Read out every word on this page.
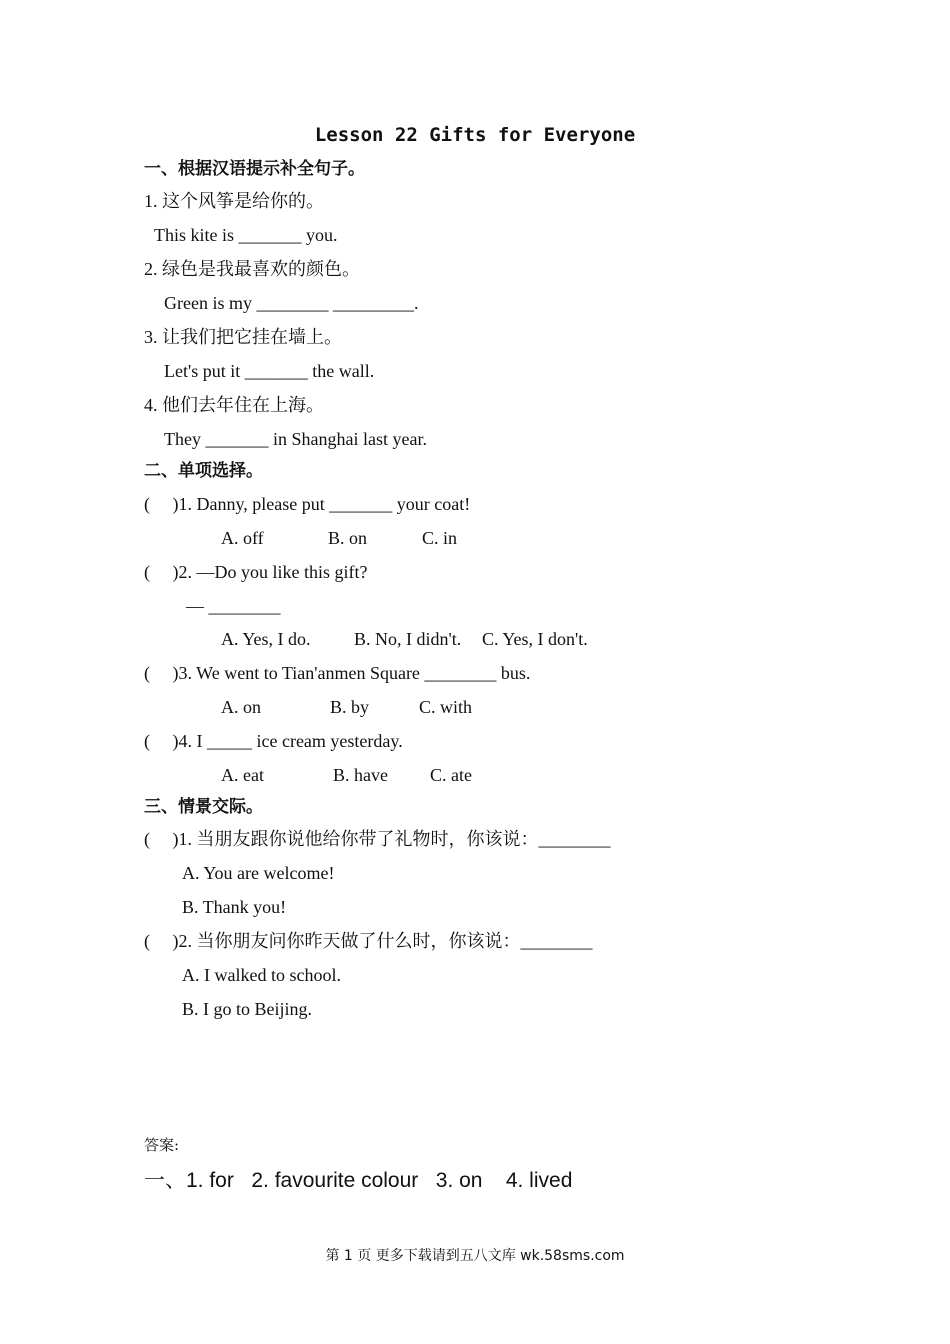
Lesson 22 Gifts for Everyone
一、根据汉语提示补全句子。
1. 这个风筝是给你的。
This kite is _______ you.
2. 绿色是我最喜欢的颜色。
Green is my ________ _________.
3. 让我们把它挂在墙上。
Let's put it _______ the wall.
4. 他们去年住在上海。
They _______ in Shanghai last year.
二、单项选择。
(     )1. Danny, please put _______ your coat!
A. off	B. on	C. in
(     )2. —Do you like this gift?
— ________
A. Yes, I do. B. No, I didn't. C. Yes, I don't.
(     )3. We went to Tian'anmen Square ________ bus.
A. on	B. by	C. with
(     )4. I _____ ice cream yesterday.
A. eat	B. have C. ate
三、情景交际。
(     )1. 当朋友跟你说他给你带了礼物时，你该说：________
A. You are welcome!
B. Thank you!
(     )2. 当你朋友问你昨天做了什么时，你该说：________
A. I walked to school.
B. I go to Beijing.
答案:
一、1. for   2. favourite colour   3. on    4. lived
第 1 页 更多下载请到五八文库 wk.58sms.com
